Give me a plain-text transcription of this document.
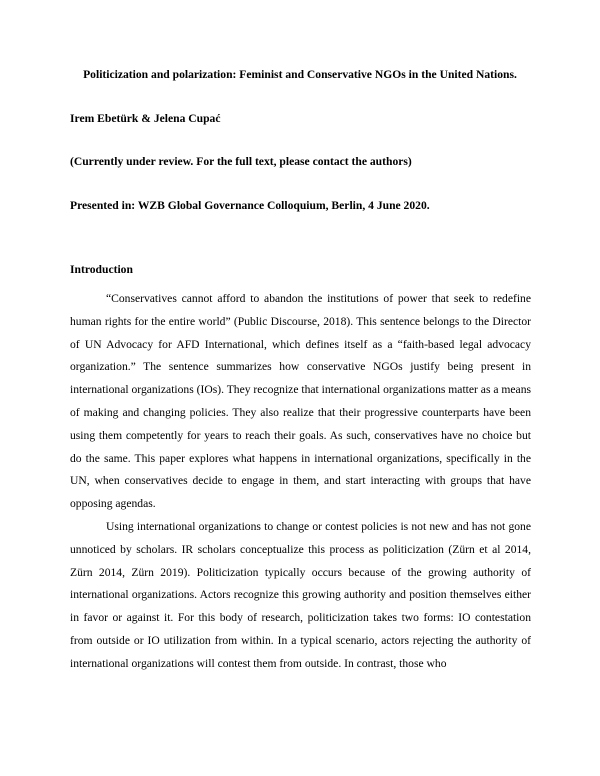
Politicization and polarization: Feminist and Conservative NGOs in the United Nations.
Irem Ebetürk & Jelena Cupać
(Currently under review. For the full text, please contact the authors)
Presented in: WZB Global Governance Colloquium, Berlin, 4 June 2020.
Introduction

“Conservatives cannot afford to abandon the institutions of power that seek to redefine human rights for the entire world” (Public Discourse, 2018). This sentence belongs to the Director of UN Advocacy for AFD International, which defines itself as a “faith-based legal advocacy organization.” The sentence summarizes how conservative NGOs justify being present in international organizations (IOs). They recognize that international organizations matter as a means of making and changing policies. They also realize that their progressive counterparts have been using them competently for years to reach their goals. As such, conservatives have no choice but do the same. This paper explores what happens in international organizations, specifically in the UN, when conservatives decide to engage in them, and start interacting with groups that have opposing agendas.

Using international organizations to change or contest policies is not new and has not gone unnoticed by scholars. IR scholars conceptualize this process as politicization (Zürn et al 2014, Zürn 2014, Zürn 2019). Politicization typically occurs because of the growing authority of international organizations. Actors recognize this growing authority and position themselves either in favor or against it. For this body of research, politicization takes two forms: IO contestation from outside or IO utilization from within. In a typical scenario, actors rejecting the authority of international organizations will contest them from outside. In contrast, those who
